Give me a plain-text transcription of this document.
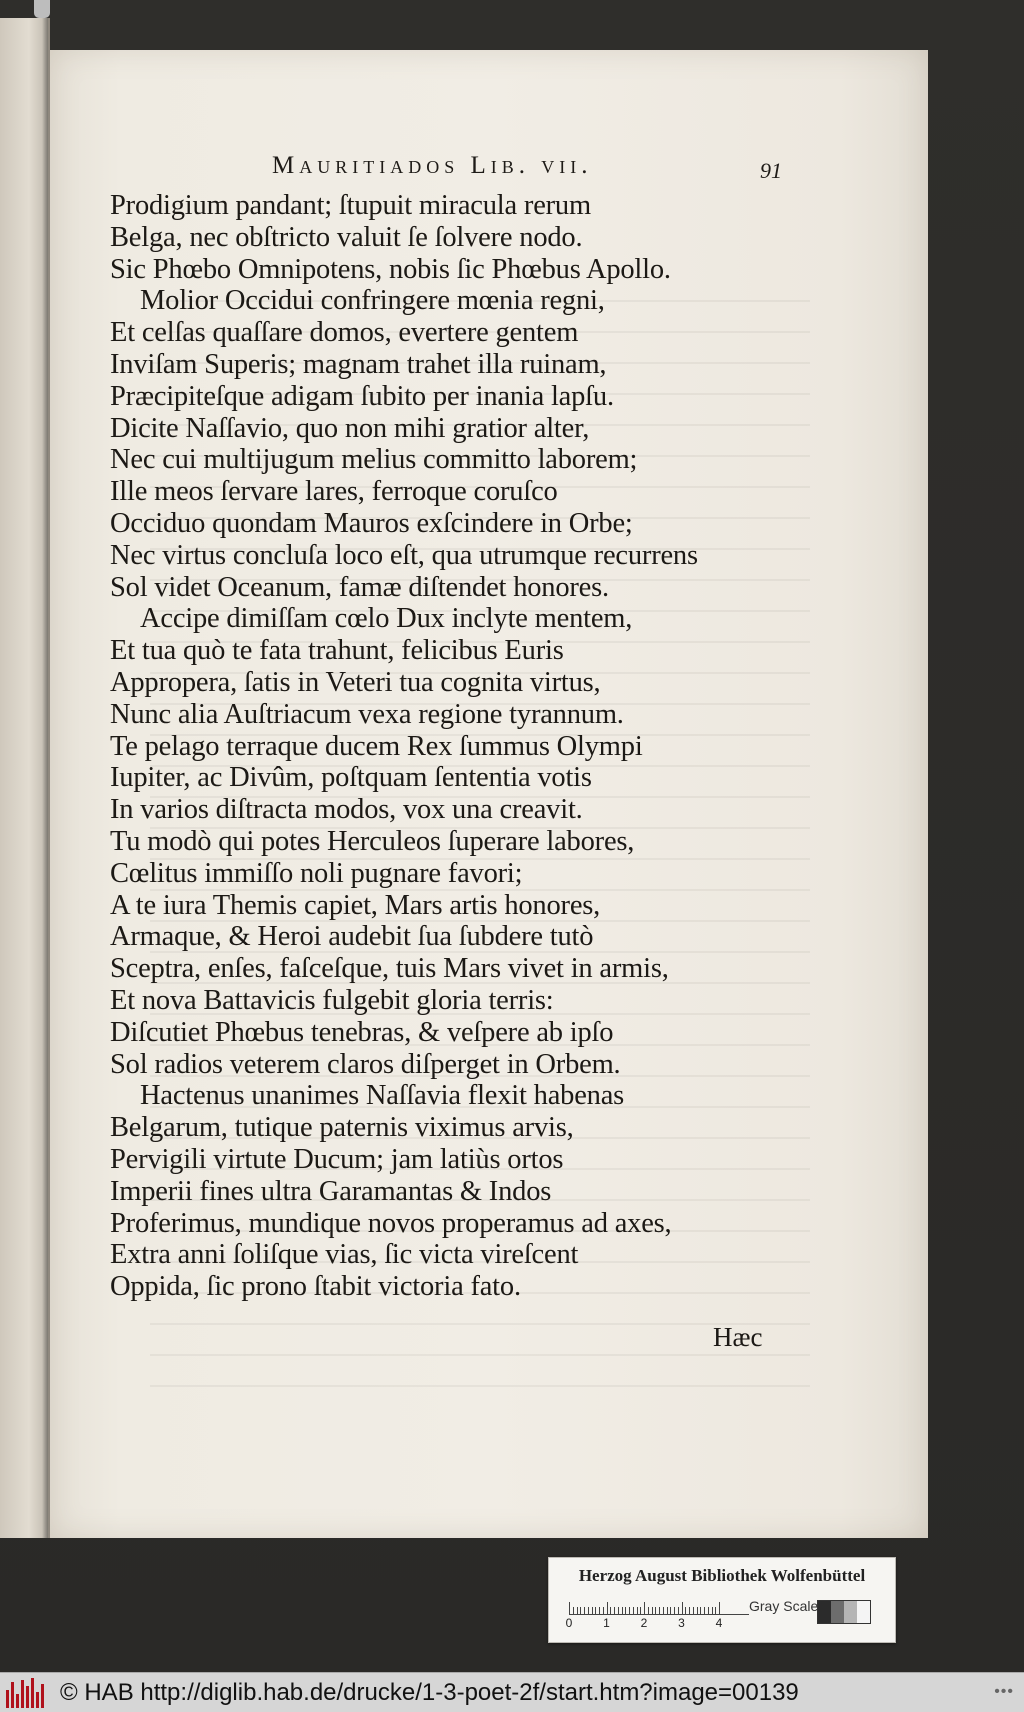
Mauritiados Lib. vii.	91
Prodigium pandant; ſtupuit miracula rerum
Belga, nec obſtricto valuit ſe ſolvere nodo.
Sic Phœbo Omnipotens, nobis ſic Phœbus Apollo.
Molior Occidui confringere mœnia regni,
Et celſas quaſſare domos, evertere gentem
Inviſam Superis; magnam trahet illa ruinam,
Præcipiteſque adigam ſubito per inania lapſu.
Dicite Naſſavio, quo non mihi gratior alter,
Nec cui multijugum melius committo laborem;
Ille meos ſervare lares, ferroque coruſco
Occiduo quondam Mauros exſcindere in Orbe;
Nec virtus concluſa loco eſt, qua utrumque recurrens
Sol videt Oceanum, famæ diſtendet honores.
Accipe dimiſſam cœlo Dux inclyte mentem,
Et tua quò te fata trahunt, felicibus Euris
Appropera, ſatis in Veteri tua cognita virtus,
Nunc alia Auſtriacum vexa regione tyrannum.
Te pelago terraque ducem Rex ſummus Olympi
Iupiter, ac Divûm, poſtquam ſententia votis
In varios diſtracta modos, vox una creavit.
Tu modò qui potes Herculeos ſuperare labores,
Cœlitus immiſſo noli pugnare favori;
A te iura Themis capiet, Mars artis honores,
Armaque, & Heroi audebit ſua ſubdere tutò
Sceptra, enſes, faſceſque, tuis Mars vivet in armis,
Et nova Battavicis fulgebit gloria terris:
Diſcutiet Phœbus tenebras, & veſpere ab ipſo
Sol radios veterem claros diſperget in Orbem.
Hactenus unanimes Naſſavia flexit habenas
Belgarum, tutique paternis viximus arvis,
Pervigili virtute Ducum; jam latiùs ortos
Imperii fines ultra Garamantas & Indos
Proferimus, mundique novos properamus ad axes,
Extra anni ſoliſque vias, ſic victa vireſcent
Oppida, ſic prono ſtabit victoria fato.
Hæc
Herzog August Bibliothek Wolfenbüttel
0	1	2	3	4
Gray Scale
© HAB http://diglib.hab.de/drucke/1-3-poet-2f/start.htm?image=00139	•••
